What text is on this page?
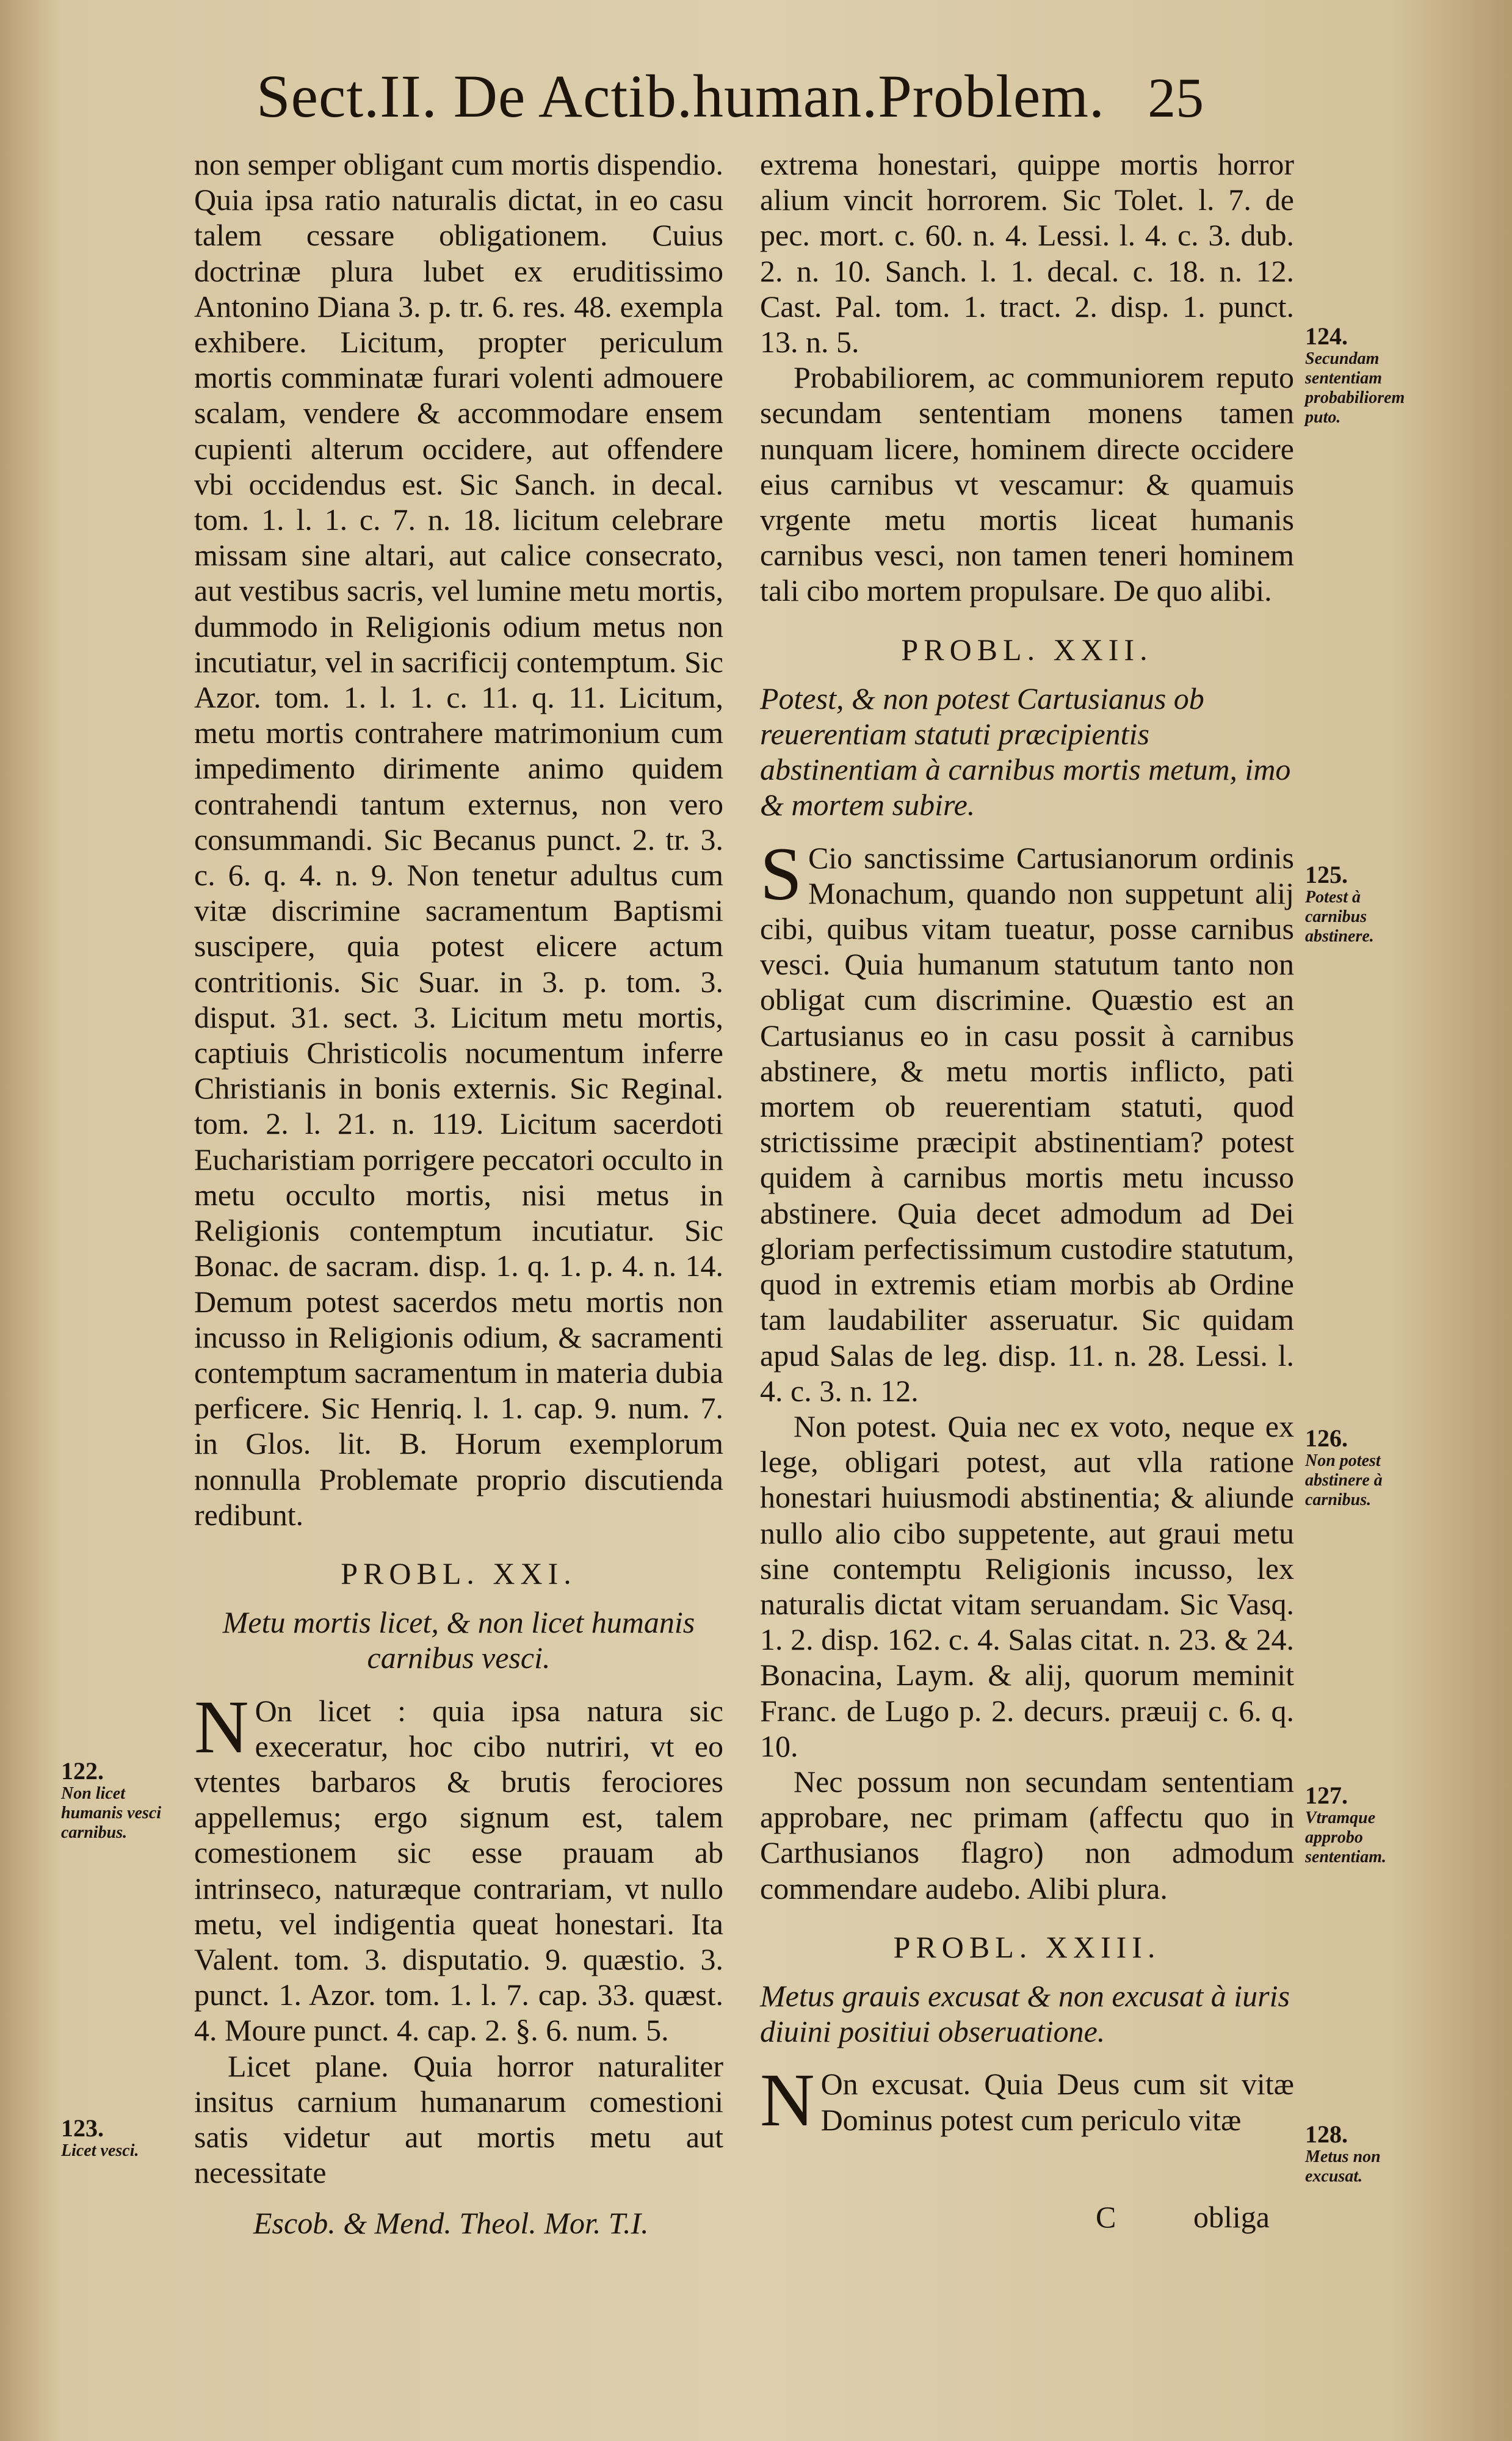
Sect.II. De Actib.human.Problem. 25

non semper obligant cum mortis dispendio. Quia ipsa ratio naturalis dictat, in eo casu talem cessare obligationem. Cuius doctrinæ plura lubet ex eruditissimo Antonino Diana 3. p. tr. 6. res. 48. exempla exhibere. Licitum, propter periculum mortis comminatæ furari volenti admouere scalam, vendere & accommodare ensem cupienti alterum occidere, aut offendere vbi occidendus est. Sic Sanch. in decal. tom. 1. l. 1. c. 7. n. 18. licitum celebrare missam sine altari, aut calice consecrato, aut vestibus sacris, vel lumine metu mortis, dummodo in Religionis odium metus non incutiatur, vel in sacrificij contemptum. Sic Azor. tom. 1. l. 1. c. 11. q. 11. Licitum, metu mortis contrahere matrimonium cum impedimento dirimente animo quidem contrahendi tantum externus, non vero consummandi. Sic Becanus punct. 2. tr. 3. c. 6. q. 4. n. 9. Non tenetur adultus cum vitæ discrimine sacramentum Baptismi suscipere, quia potest elicere actum contritionis. Sic Suar. in 3. p. tom. 3. disput. 31. sect. 3. Licitum metu mortis, captiuis Christicolis nocumentum inferre Christianis in bonis externis. Sic Reginal. tom. 2. l. 21. n. 119. Licitum sacerdoti Eucharistiam porrigere peccatori occulto in metu occulto mortis, nisi metus in Religionis contemptum incutiatur. Sic Bonac. de sacram. disp. 1. q. 1. p. 4. n. 14. Demum potest sacerdos metu mortis non incusso in Religionis odium, & sacramenti contemptum sacramentum in materia dubia perficere. Sic Henriq. l. 1. cap. 9. num. 7. in Glos. lit. B. Horum exemplorum nonnulla Problemate proprio discutienda redibunt.

PROBL. XXI.

Metu mortis licet, & non licet humanis carnibus vesci.

N On licet : quia ipsa natura sic execeratur, hoc cibo nutriri, vt eo vtentes barbaros & brutis ferociores appellemus; ergo signum est, talem comestionem sic esse prauam ab intrinseco, naturæque contrariam, vt nullo metu, vel indigentia queat honestari. Ita Valent. tom. 3. disputatio. 9. quæstio. 3. punct. 1. Azor. tom. 1. l. 7. cap. 33. quæst. 4. Moure punct. 4. cap. 2. §. 6. num. 5.

Licet plane. Quia horror naturaliter insitus carnium humanarum comestioni satis videtur aut mortis metu aut necessitate

Escob. & Mend. Theol. Mor. T.I.

extrema honestari, quippe mortis horror alium vincit horrorem. Sic Tolet. l. 7. de pec. mort. c. 60. n. 4. Lessi. l. 4. c. 3. dub. 2. n. 10. Sanch. l. 1. decal. c. 18. n. 12. Cast. Pal. tom. 1. tract. 2. disp. 1. punct. 13. n. 5.

Probabiliorem, ac communiorem reputo secundam sententiam monens tamen nunquam licere, hominem directe occidere eius carnibus vt vescamur: & quamuis vrgente metu mortis liceat humanis carnibus vesci, non tamen teneri hominem tali cibo mortem propulsare. De quo alibi.

PROBL. XXII.

Potest, & non potest Cartusianus ob reuerentiam statuti præcipientis abstinentiam à carnibus mortis metum, imo & mortem subire.

S Cio sanctissime Cartusianorum ordinis Monachum, quando non suppetunt alij cibi, quibus vitam tueatur, posse carnibus vesci. Quia humanum statutum tanto non obligat cum discrimine. Quæstio est an Cartusianus eo in casu possit à carnibus abstinere, & metu mortis inflicto, pati mortem ob reuerentiam statuti, quod strictissime præcipit abstinentiam? potest quidem à carnibus mortis metu incusso abstinere. Quia decet admodum ad Dei gloriam perfectissimum custodire statutum, quod in extremis etiam morbis ab Ordine tam laudabiliter asseruatur. Sic quidam apud Salas de leg. disp. 11. n. 28. Lessi. l. 4. c. 3. n. 12.

Non potest. Quia nec ex voto, neque ex lege, obligari potest, aut vlla ratione honestari huiusmodi abstinentia; & aliunde nullo alio cibo suppetente, aut graui metu sine contemptu Religionis incusso, lex naturalis dictat vitam seruandam. Sic Vasq. 1. 2. disp. 162. c. 4. Salas citat. n. 23. & 24. Bonacina, Laym. & alij, quorum meminit Franc. de Lugo p. 2. decurs. præuij c. 6. q. 10.

Nec possum non secundam sententiam approbare, nec primam (affectu quo in Carthusianos flagro) non admodum commendare audebo. Alibi plura.

PROBL. XXIII.

Metus grauis excusat & non excusat à iuris diuini positiui obseruatione.

N On excusat. Quia Deus cum sit vitæ Dominus potest cum periculo vitæ

C	obliga
122.
Non licet humanis vesci carnibus.
123.
Licet vesci.
124.
Secundam sententiam probabiliorem puto.
125.
Potest à carnibus abstinere.
126.
Non potest abstinere à carnibus.
127.
Vtramque approbo sententiam.
128.
Metus non excusat.
